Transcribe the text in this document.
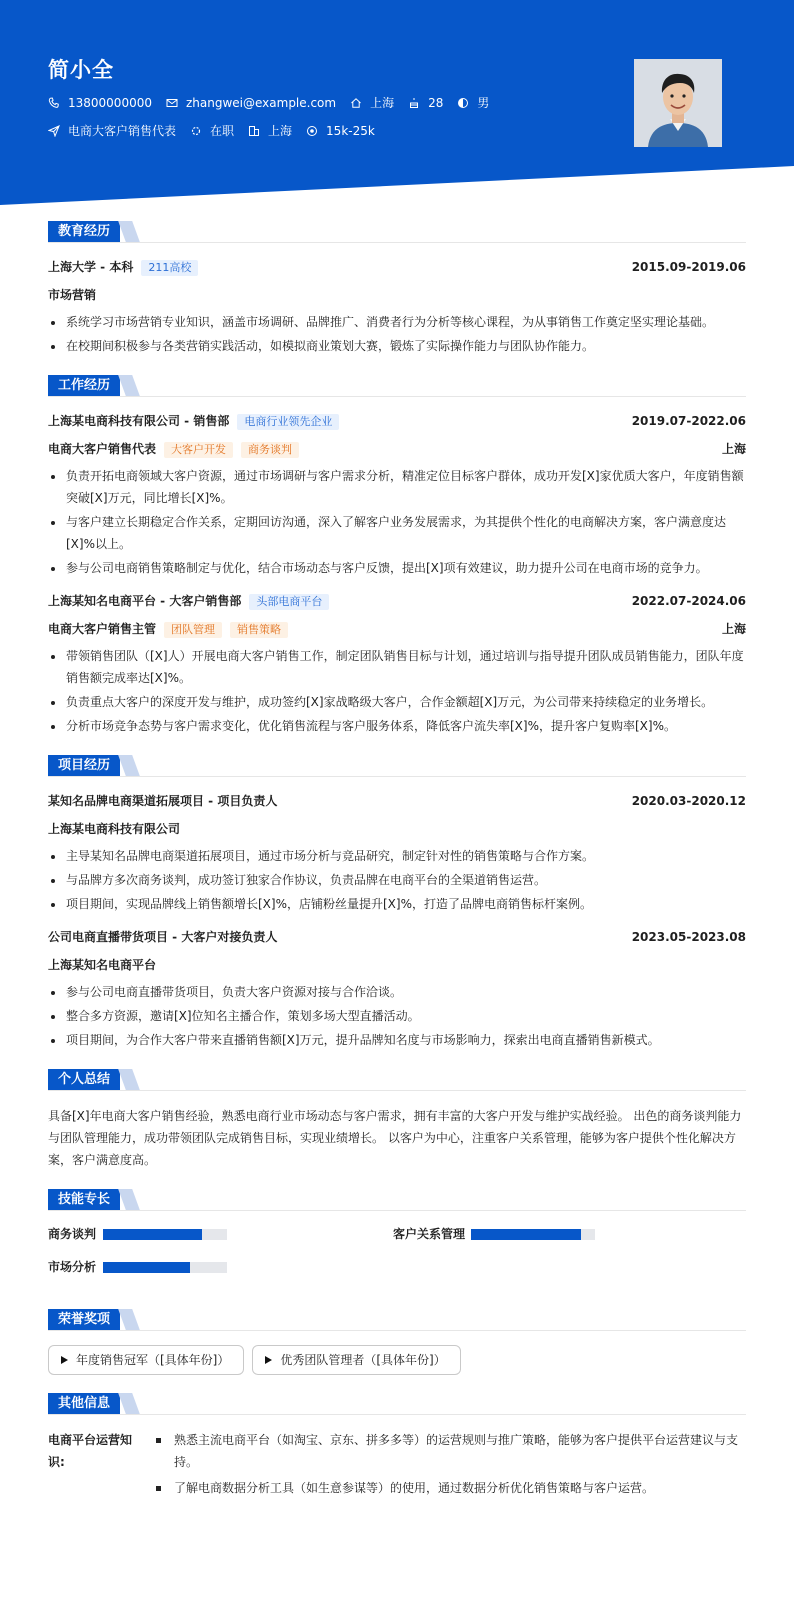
简小全
13800000000	zhangwei@example.com	上海	28	男
电商大客户销售代表	在职	上海	15k-25k
教育经历
上海大学 - 本科 211高校	2015.09-2019.06
市场营销
系统学习市场营销专业知识，涵盖市场调研、品牌推广、消费者行为分析等核心课程，为从事销售工作奠定坚实理论基础。
在校期间积极参与各类营销实践活动，如模拟商业策划大赛，锻炼了实际操作能力与团队协作能力。
工作经历
上海某电商科技有限公司 - 销售部 电商行业领先企业	2019.07-2022.06
电商大客户销售代表 大客户开发 商务谈判	上海
负责开拓电商领域大客户资源，通过市场调研与客户需求分析，精准定位目标客户群体，成功开发[X]家优质大客户，年度销售额突破[X]万元，同比增长[X]%。
与客户建立长期稳定合作关系，定期回访沟通，深入了解客户业务发展需求，为其提供个性化的电商解决方案，客户满意度达[X]%以上。
参与公司电商销售策略制定与优化，结合市场动态与客户反馈，提出[X]项有效建议，助力提升公司在电商市场的竞争力。
上海某知名电商平台 - 大客户销售部 头部电商平台	2022.07-2024.06
电商大客户销售主管 团队管理 销售策略	上海
带领销售团队（[X]人）开展电商大客户销售工作，制定团队销售目标与计划，通过培训与指导提升团队成员销售能力，团队年度销售额完成率达[X]%。
负责重点大客户的深度开发与维护，成功签约[X]家战略级大客户，合作金额超[X]万元，为公司带来持续稳定的业务增长。
分析市场竞争态势与客户需求变化，优化销售流程与客户服务体系，降低客户流失率[X]%，提升客户复购率[X]%。
项目经历
某知名品牌电商渠道拓展项目 - 项目负责人	2020.03-2020.12
上海某电商科技有限公司
主导某知名品牌电商渠道拓展项目，通过市场分析与竞品研究，制定针对性的销售策略与合作方案。
与品牌方多次商务谈判，成功签订独家合作协议，负责品牌在电商平台的全渠道销售运营。
项目期间，实现品牌线上销售额增长[X]%，店铺粉丝量提升[X]%，打造了品牌电商销售标杆案例。
公司电商直播带货项目 - 大客户对接负责人	2023.05-2023.08
上海某知名电商平台
参与公司电商直播带货项目，负责大客户资源对接与合作洽谈。
整合多方资源，邀请[X]位知名主播合作，策划多场大型直播活动。
项目期间，为合作大客户带来直播销售额[X]万元，提升品牌知名度与市场影响力，探索出电商直播销售新模式。
个人总结

具备[X]年电商大客户销售经验，熟悉电商行业市场动态与客户需求，拥有丰富的大客户开发与维护实战经验。 出色的商务谈判能力与团队管理能力，成功带领团队完成销售目标，实现业绩增长。 以客户为中心，注重客户关系管理，能够为客户提供个性化解决方案，客户满意度高。

技能专长
商务谈判	客户关系管理
市场分析
荣誉奖项
年度销售冠军（[具体年份]）	优秀团队管理者（[具体年份]）
其他信息
电商平台运营知识:
熟悉主流电商平台（如淘宝、京东、拼多多等）的运营规则与推广策略，能够为客户提供平台运营建议与支持。
了解电商数据分析工具（如生意参谋等）的使用，通过数据分析优化销售策略与客户运营。
